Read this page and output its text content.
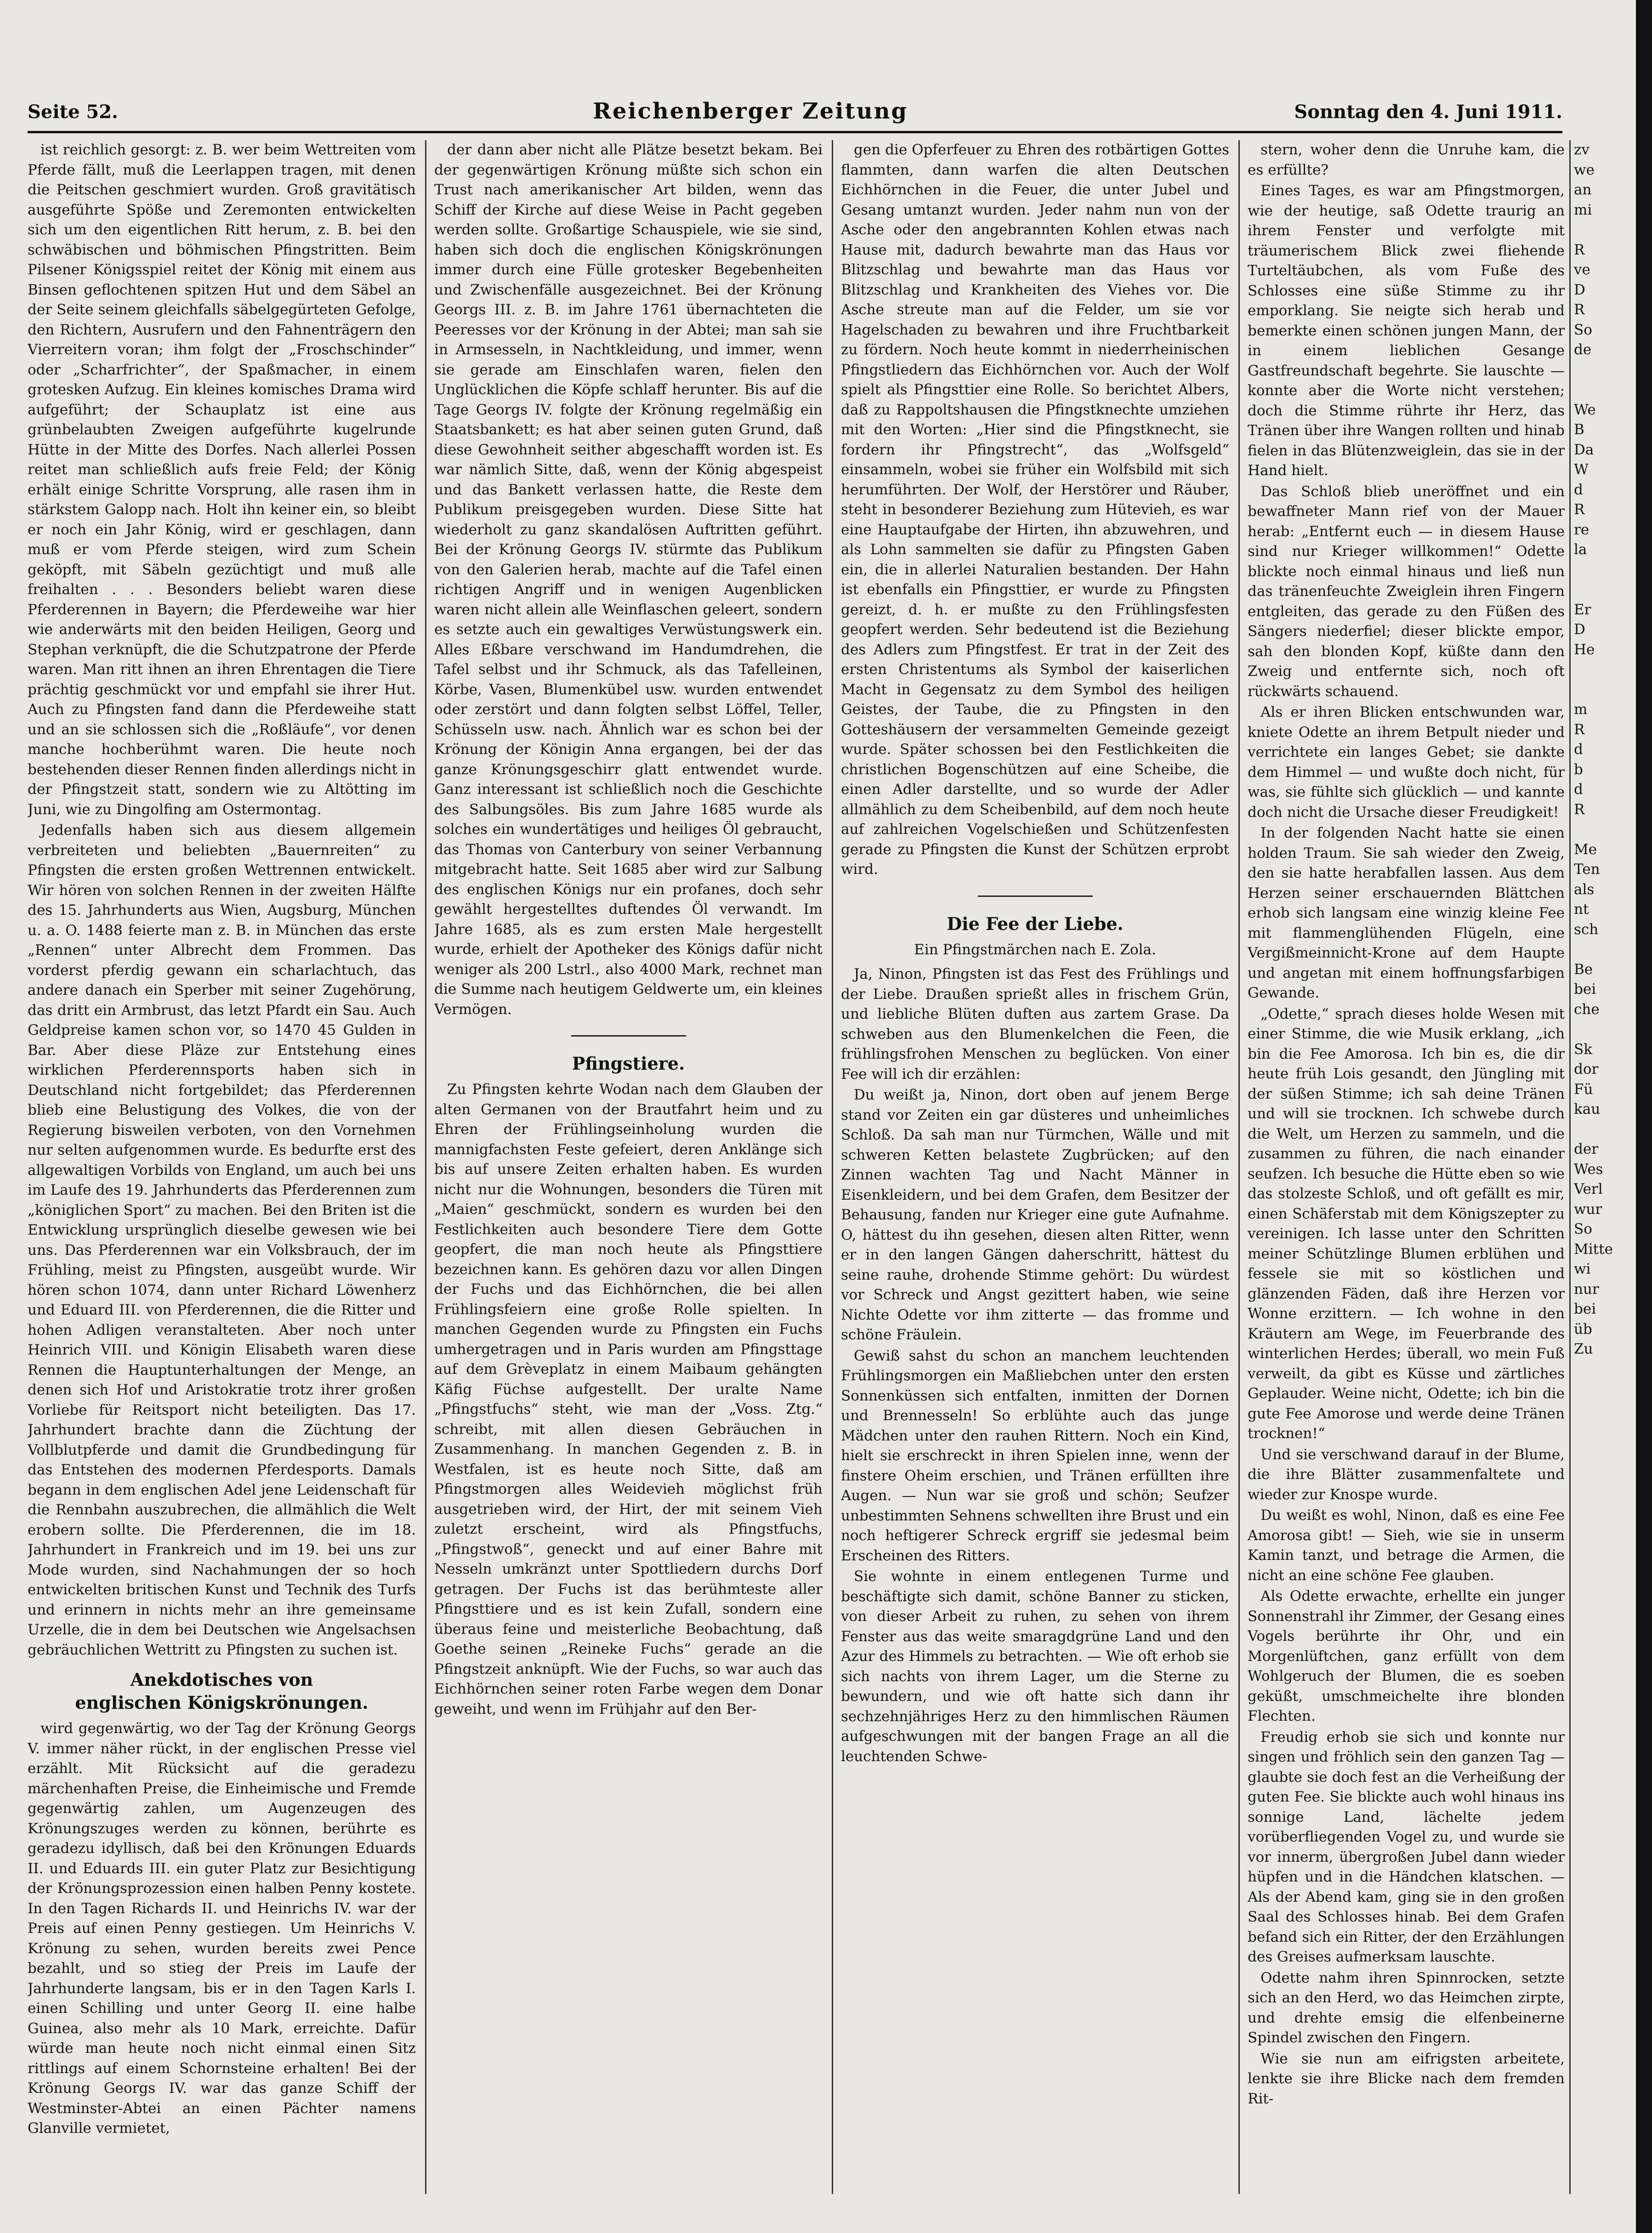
Seite 52.	Reichenberger Zeitung	Sonntag den 4. Juni 1911.

ist reichlich gesorgt: z. B. wer beim Wettreiten vom Pferde fällt, muß die Leerlappen tragen, mit denen die Peitschen geschmiert wurden. Groß gravitätisch ausgeführte Spöße und Zeremonten entwickelten sich um den eigentlichen Ritt herum, z. B. bei den schwäbischen und böhmischen Pfingstritten. Beim Pilsener Königsspiel reitet der König mit einem aus Binsen geflochtenen spitzen Hut und dem Säbel an der Seite seinem gleichfalls säbelgegürteten Gefolge, den Richtern, Ausrufern und den Fahnenträgern den Vierreitern voran; ihm folgt der „Froschschinder“ oder „Scharfrichter“, der Spaßmacher, in einem grotesken Aufzug. Ein kleines komisches Drama wird aufgeführt; der Schauplatz ist eine aus grünbelaubten Zweigen aufgeführte kugelrunde Hütte in der Mitte des Dorfes. Nach allerlei Possen reitet man schließlich aufs freie Feld; der König erhält einige Schritte Vorsprung, alle rasen ihm in stärkstem Galopp nach. Holt ihn keiner ein, so bleibt er noch ein Jahr König, wird er geschlagen, dann muß er vom Pferde steigen, wird zum Schein geköpft, mit Säbeln gezüchtigt und muß alle freihalten . . . Besonders beliebt waren diese Pferderennen in Bayern; die Pferdeweihe war hier wie anderwärts mit den beiden Heiligen, Georg und Stephan verknüpft, die die Schutzpatrone der Pferde waren. Man ritt ihnen an ihren Ehrentagen die Tiere prächtig geschmückt vor und empfahl sie ihrer Hut. Auch zu Pfingsten fand dann die Pferdeweihe statt und an sie schlossen sich die „Roßläufe“, vor denen manche hochberühmt waren. Die heute noch bestehenden dieser Rennen finden allerdings nicht in der Pfingstzeit statt, sondern wie zu Altötting im Juni, wie zu Dingolfing am Ostermontag.

Jedenfalls haben sich aus diesem allgemein verbreiteten und beliebten „Bauernreiten“ zu Pfingsten die ersten großen Wettrennen entwickelt. Wir hören von solchen Rennen in der zweiten Hälfte des 15. Jahrhunderts aus Wien, Augsburg, München u. a. O. 1488 feierte man z. B. in München das erste „Rennen“ unter Albrecht dem Frommen. Das vorderst pferdig gewann ein scharlachtuch, das andere danach ein Sperber mit seiner Zugehörung, das dritt ein Armbrust, das letzt Pfardt ein Sau. Auch Geldpreise kamen schon vor, so 1470 45 Gulden in Bar. Aber diese Pläze zur Entstehung eines wirklichen Pferderennsports haben sich in Deutschland nicht fortgebildet; das Pferderennen blieb eine Belustigung des Volkes, die von der Regierung bisweilen verboten, von den Vornehmen nur selten aufgenommen wurde. Es bedurfte erst des allgewaltigen Vorbilds von England, um auch bei uns im Laufe des 19. Jahrhunderts das Pferderennen zum „königlichen Sport“ zu machen. Bei den Briten ist die Entwicklung ursprünglich dieselbe gewesen wie bei uns. Das Pferderennen war ein Volksbrauch, der im Frühling, meist zu Pfingsten, ausgeübt wurde. Wir hören schon 1074, dann unter Richard Löwenherz und Eduard III. von Pferderennen, die die Ritter und hohen Adligen veranstalteten. Aber noch unter Heinrich VIII. und Königin Elisabeth waren diese Rennen die Hauptunterhaltungen der Menge, an denen sich Hof und Aristokratie trotz ihrer großen Vorliebe für Reitsport nicht beteiligten. Das 17. Jahrhundert brachte dann die Züchtung der Vollblutpferde und damit die Grundbedingung für das Entstehen des modernen Pferdesports. Damals begann in dem englischen Adel jene Leidenschaft für die Rennbahn auszubrechen, die allmählich die Welt erobern sollte. Die Pferderennen, die im 18. Jahrhundert in Frankreich und im 19. bei uns zur Mode wurden, sind Nachahmungen der so hoch entwickelten britischen Kunst und Technik des Turfs und erinnern in nichts mehr an ihre gemeinsame Urzelle, die in dem bei Deutschen wie Angelsachsen gebräuchlichen Wettritt zu Pfingsten zu suchen ist.

Anekdotisches von
englischen Königskrönungen.

wird gegenwärtig, wo der Tag der Krönung Georgs V. immer näher rückt, in der englischen Presse viel erzählt. Mit Rücksicht auf die geradezu märchenhaften Preise, die Einheimische und Fremde gegenwärtig zahlen, um Augenzeugen des Krönungszuges werden zu können, berührte es geradezu idyllisch, daß bei den Krönungen Eduards II. und Eduards III. ein guter Platz zur Besichtigung der Krönungsprozession einen halben Penny kostete. In den Tagen Richards II. und Heinrichs IV. war der Preis auf einen Penny gestiegen. Um Heinrichs V. Krönung zu sehen, wurden bereits zwei Pence bezahlt, und so stieg der Preis im Laufe der Jahrhunderte langsam, bis er in den Tagen Karls I. einen Schilling und unter Georg II. eine halbe Guinea, also mehr als 10 Mark, erreichte. Dafür würde man heute noch nicht einmal einen Sitz rittlings auf einem Schornsteine erhalten! Bei der Krönung Georgs IV. war das ganze Schiff der Westminster-Abtei an einen Pächter namens Glanville vermietet,

der dann aber nicht alle Plätze besetzt bekam. Bei der gegenwärtigen Krönung müßte sich schon ein Trust nach amerikanischer Art bilden, wenn das Schiff der Kirche auf diese Weise in Pacht gegeben werden sollte. Großartige Schauspiele, wie sie sind, haben sich doch die englischen Königskrönungen immer durch eine Fülle grotesker Begebenheiten und Zwischenfälle ausgezeichnet. Bei der Krönung Georgs III. z. B. im Jahre 1761 übernachteten die Peeresses vor der Krönung in der Abtei; man sah sie in Armsesseln, in Nachtkleidung, und immer, wenn sie gerade am Einschlafen waren, fielen den Unglücklichen die Köpfe schlaff herunter. Bis auf die Tage Georgs IV. folgte der Krönung regelmäßig ein Staatsbankett; es hat aber seinen guten Grund, daß diese Gewohnheit seither abgeschafft worden ist. Es war nämlich Sitte, daß, wenn der König abgespeist und das Bankett verlassen hatte, die Reste dem Publikum preisgegeben wurden. Diese Sitte hat wiederholt zu ganz skandalösen Auftritten geführt. Bei der Krönung Georgs IV. stürmte das Publikum von den Galerien herab, machte auf die Tafel einen richtigen Angriff und in wenigen Augenblicken waren nicht allein alle Weinflaschen geleert, sondern es setzte auch ein gewaltiges Verwüstungswerk ein. Alles Eßbare verschwand im Handumdrehen, die Tafel selbst und ihr Schmuck, als das Tafelleinen, Körbe, Vasen, Blumenkübel usw. wurden entwendet oder zerstört und dann folgten selbst Löffel, Teller, Schüsseln usw. nach. Ähnlich war es schon bei der Krönung der Königin Anna ergangen, bei der das ganze Krönungsgeschirr glatt entwendet wurde. Ganz interessant ist schließlich noch die Geschichte des Salbungsöles. Bis zum Jahre 1685 wurde als solches ein wundertätiges und heiliges Öl gebraucht, das Thomas von Canterbury von seiner Verbannung mitgebracht hatte. Seit 1685 aber wird zur Salbung des englischen Königs nur ein profanes, doch sehr gewählt hergestelltes duftendes Öl verwandt. Im Jahre 1685, als es zum ersten Male hergestellt wurde, erhielt der Apotheker des Königs dafür nicht weniger als 200 Lstrl., also 4000 Mark, rechnet man die Summe nach heutigem Geldwerte um, ein kleines Vermögen.

Pfingstiere.

Zu Pfingsten kehrte Wodan nach dem Glauben der alten Germanen von der Brautfahrt heim und zu Ehren der Frühlingseinholung wurden die mannigfachsten Feste gefeiert, deren Anklänge sich bis auf unsere Zeiten erhalten haben. Es wurden nicht nur die Wohnungen, besonders die Türen mit „Maien“ geschmückt, sondern es wurden bei den Festlichkeiten auch besondere Tiere dem Gotte geopfert, die man noch heute als Pfingsttiere bezeichnen kann. Es gehören dazu vor allen Dingen der Fuchs und das Eichhörnchen, die bei allen Frühlingsfeiern eine große Rolle spielten. In manchen Gegenden wurde zu Pfingsten ein Fuchs umhergetragen und in Paris wurden am Pfingsttage auf dem Grèveplatz in einem Maibaum gehängten Käfig Füchse aufgestellt. Der uralte Name „Pfingstfuchs“ steht, wie man der „Voss. Ztg.“ schreibt, mit allen diesen Gebräuchen in Zusammenhang. In manchen Gegenden z. B. in Westfalen, ist es heute noch Sitte, daß am Pfingstmorgen alles Weidevieh möglichst früh ausgetrieben wird, der Hirt, der mit seinem Vieh zuletzt erscheint, wird als Pfingstfuchs, „Pfingstwoß“, geneckt und auf einer Bahre mit Nesseln umkränzt unter Spottliedern durchs Dorf getragen. Der Fuchs ist das berühmteste aller Pfingsttiere und es ist kein Zufall, sondern eine überaus feine und meisterliche Beobachtung, daß Goethe seinen „Reineke Fuchs“ gerade an die Pfingstzeit anknüpft. Wie der Fuchs, so war auch das Eichhörnchen seiner roten Farbe wegen dem Donar geweiht, und wenn im Frühjahr auf den Ber-

gen die Opferfeuer zu Ehren des rotbärtigen Gottes flammten, dann warfen die alten Deutschen Eichhörnchen in die Feuer, die unter Jubel und Gesang umtanzt wurden. Jeder nahm nun von der Asche oder den angebrannten Kohlen etwas nach Hause mit, dadurch bewahrte man das Haus vor Blitzschlag und bewahrte man das Haus vor Blitzschlag und Krankheiten des Viehes vor. Die Asche streute man auf die Felder, um sie vor Hagelschaden zu bewahren und ihre Fruchtbarkeit zu fördern. Noch heute kommt in niederrheinischen Pfingstliedern das Eichhörnchen vor. Auch der Wolf spielt als Pfingsttier eine Rolle. So berichtet Albers, daß zu Rappoltshausen die Pfingstknechte umziehen mit den Worten: „Hier sind die Pfingstknecht, sie fordern ihr Pfingstrecht“, das „Wolfsgeld“ einsammeln, wobei sie früher ein Wolfsbild mit sich herumführten. Der Wolf, der Herstörer und Räuber, steht in besonderer Beziehung zum Hütevieh, es war eine Hauptaufgabe der Hirten, ihn abzuwehren, und als Lohn sammelten sie dafür zu Pfingsten Gaben ein, die in allerlei Naturalien bestanden. Der Hahn ist ebenfalls ein Pfingsttier, er wurde zu Pfingsten gereizt, d. h. er mußte zu den Frühlingsfesten geopfert werden. Sehr bedeutend ist die Beziehung des Adlers zum Pfingstfest. Er trat in der Zeit des ersten Christentums als Symbol der kaiserlichen Macht in Gegensatz zu dem Symbol des heiligen Geistes, der Taube, die zu Pfingsten in den Gotteshäusern der versammelten Gemeinde gezeigt wurde. Später schossen bei den Festlichkeiten die christlichen Bogenschützen auf eine Scheibe, die einen Adler darstellte, und so wurde der Adler allmählich zu dem Scheibenbild, auf dem noch heute auf zahlreichen Vogelschießen und Schützenfesten gerade zu Pfingsten die Kunst der Schützen erprobt wird.

Die Fee der Liebe.

Ein Pfingstmärchen nach E. Zola.

Ja, Ninon, Pfingsten ist das Fest des Frühlings und der Liebe. Draußen sprießt alles in frischem Grün, und liebliche Blüten duften aus zartem Grase. Da schweben aus den Blumenkelchen die Feen, die frühlingsfrohen Menschen zu beglücken. Von einer Fee will ich dir erzählen:

Du weißt ja, Ninon, dort oben auf jenem Berge stand vor Zeiten ein gar düsteres und unheimliches Schloß. Da sah man nur Türmchen, Wälle und mit schweren Ketten belastete Zugbrücken; auf den Zinnen wachten Tag und Nacht Männer in Eisenkleidern, und bei dem Grafen, dem Besitzer der Behausung, fanden nur Krieger eine gute Aufnahme. O, hättest du ihn gesehen, diesen alten Ritter, wenn er in den langen Gängen daherschritt, hättest du seine rauhe, drohende Stimme gehört: Du würdest vor Schreck und Angst gezittert haben, wie seine Nichte Odette vor ihm zitterte — das fromme und schöne Fräulein.

Gewiß sahst du schon an manchem leuchtenden Frühlingsmorgen ein Maßliebchen unter den ersten Sonnenküssen sich entfalten, inmitten der Dornen und Brennesseln! So erblühte auch das junge Mädchen unter den rauhen Rittern. Noch ein Kind, hielt sie erschreckt in ihren Spielen inne, wenn der finstere Oheim erschien, und Tränen erfüllten ihre Augen. — Nun war sie groß und schön; Seufzer unbestimmten Sehnens schwellten ihre Brust und ein noch heftigerer Schreck ergriff sie jedesmal beim Erscheinen des Ritters.

Sie wohnte in einem entlegenen Turme und beschäftigte sich damit, schöne Banner zu sticken, von dieser Arbeit zu ruhen, zu sehen von ihrem Fenster aus das weite smaragdgrüne Land und den Azur des Himmels zu betrachten. — Wie oft erhob sie sich nachts von ihrem Lager, um die Sterne zu bewundern, und wie oft hatte sich dann ihr sechzehnjähriges Herz zu den himmlischen Räumen aufgeschwungen mit der bangen Frage an all die leuchtenden Schwe-

stern, woher denn die Unruhe kam, die es erfüllte?

Eines Tages, es war am Pfingstmorgen, wie der heutige, saß Odette traurig an ihrem Fenster und verfolgte mit träumerischem Blick zwei fliehende Turteltäubchen, als vom Fuße des Schlosses eine süße Stimme zu ihr emporklang. Sie neigte sich herab und bemerkte einen schönen jungen Mann, der in einem lieblichen Gesange Gastfreundschaft begehrte. Sie lauschte — konnte aber die Worte nicht verstehen; doch die Stimme rührte ihr Herz, das Tränen über ihre Wangen rollten und hinab fielen in das Blütenzweiglein, das sie in der Hand hielt.

Das Schloß blieb uneröffnet und ein bewaffneter Mann rief von der Mauer herab: „Entfernt euch — in diesem Hause sind nur Krieger willkommen!“ Odette blickte noch einmal hinaus und ließ nun das tränenfeuchte Zweiglein ihren Fingern entgleiten, das gerade zu den Füßen des Sängers niederfiel; dieser blickte empor, sah den blonden Kopf, küßte dann den Zweig und entfernte sich, noch oft rückwärts schauend.

Als er ihren Blicken entschwunden war, kniete Odette an ihrem Betpult nieder und verrichtete ein langes Gebet; sie dankte dem Himmel — und wußte doch nicht, für was, sie fühlte sich glücklich — und kannte doch nicht die Ursache dieser Freudigkeit!

In der folgenden Nacht hatte sie einen holden Traum. Sie sah wieder den Zweig, den sie hatte herabfallen lassen. Aus dem Herzen seiner erschauernden Blättchen erhob sich langsam eine winzig kleine Fee mit flammenglühenden Flügeln, eine Vergißmeinnicht-Krone auf dem Haupte und angetan mit einem hoffnungsfarbigen Gewande.

„Odette,“ sprach dieses holde Wesen mit einer Stimme, die wie Musik erklang, „ich bin die Fee Amorosa. Ich bin es, die dir heute früh Lois gesandt, den Jüngling mit der süßen Stimme; ich sah deine Tränen und will sie trocknen. Ich schwebe durch die Welt, um Herzen zu sammeln, und die zusammen zu führen, die nach einander seufzen. Ich besuche die Hütte eben so wie das stolzeste Schloß, und oft gefällt es mir, einen Schäferstab mit dem Königszepter zu vereinigen. Ich lasse unter den Schritten meiner Schützlinge Blumen erblühen und fessele sie mit so köstlichen und glänzenden Fäden, daß ihre Herzen vor Wonne erzittern. — Ich wohne in den Kräutern am Wege, im Feuerbrande des winterlichen Herdes; überall, wo mein Fuß verweilt, da gibt es Küsse und zärtliches Geplauder. Weine nicht, Odette; ich bin die gute Fee Amorose und werde deine Tränen trocknen!“

Und sie verschwand darauf in der Blume, die ihre Blätter zusammenfaltete und wieder zur Knospe wurde.

Du weißt es wohl, Ninon, daß es eine Fee Amorosa gibt! — Sieh, wie sie in unserm Kamin tanzt, und betrage die Armen, die nicht an eine schöne Fee glauben.

Als Odette erwachte, erhellte ein junger Sonnenstrahl ihr Zimmer, der Gesang eines Vogels berührte ihr Ohr, und ein Morgenlüftchen, ganz erfüllt von dem Wohlgeruch der Blumen, die es soeben geküßt, umschmeichelte ihre blonden Flechten.

Freudig erhob sie sich und konnte nur singen und fröhlich sein den ganzen Tag — glaubte sie doch fest an die Verheißung der guten Fee. Sie blickte auch wohl hinaus ins sonnige Land, lächelte jedem vorüberfliegenden Vogel zu, und wurde sie vor innerm, übergroßen Jubel dann wieder hüpfen und in die Händchen klatschen. — Als der Abend kam, ging sie in den großen Saal des Schlosses hinab. Bei dem Grafen befand sich ein Ritter, der den Erzählungen des Greises aufmerksam lauschte.

Odette nahm ihren Spinnrocken, setzte sich an den Herd, wo das Heimchen zirpte, und drehte emsig die elfenbeinerne Spindel zwischen den Fingern.

Wie sie nun am eifrigsten arbeitete, lenkte sie ihre Blicke nach dem fremden Rit-

zv
we
an
mi

R
ve
D
R
So
de

We
B
Da
W
d
R
re
la

Er
D
He

m
R
d
b
d
R

Me
Ten
als
nt
sch

Be
bei
che

Sk
dor
Fü
kau

der
Wes
Verl
wur
So
Mitte
wi
nur
bei
üb
Zu
